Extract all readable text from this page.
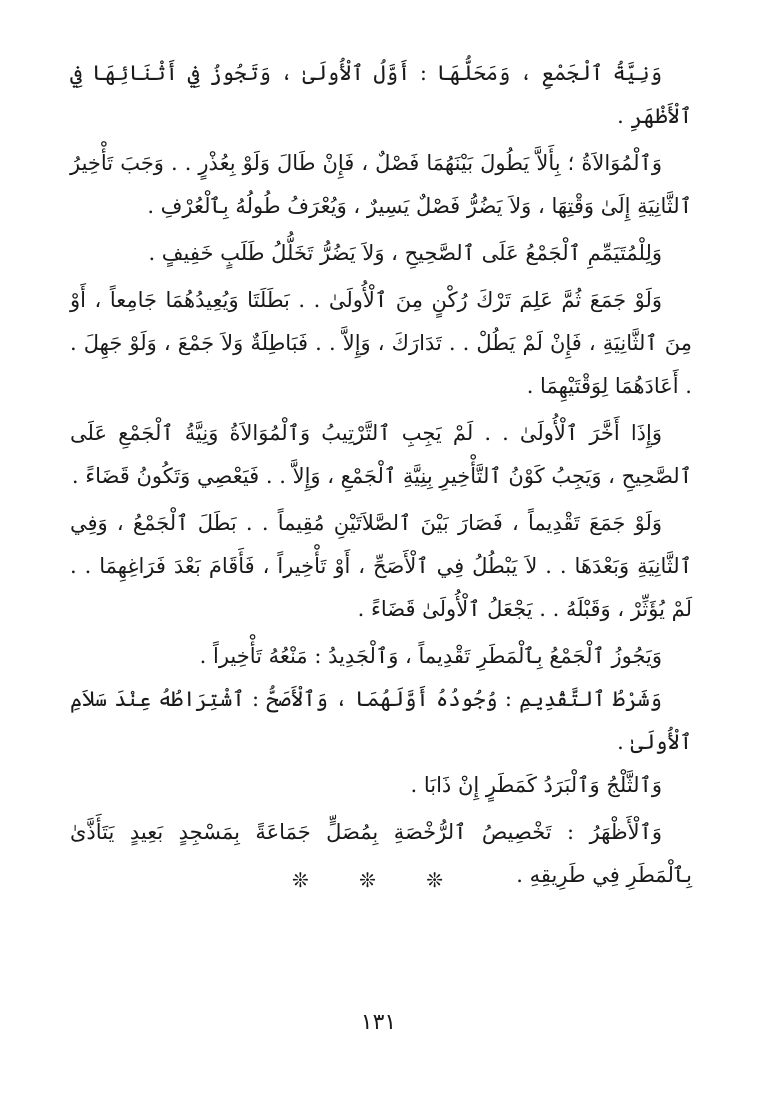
وَنِيَّةُ ٱلْجَمْعِ ، وَمَحَلُّهَا : أَوَّلُ ٱلْأُولَىٰ ، وَتَجُوزُ فِي أَثْنَائِهَا فِي ٱلْأَظْهَرِ .

وَٱلْمُوَالاَةُ ؛ بِأَلاَّ يَطُولَ بَيْنَهُمَا فَصْلٌ ، فَإِنْ طَالَ وَلَوْ بِعُذْرٍ . . وَجَبَ تَأْخِيرُ ٱلثَّانِيَةِ إِلَىٰ وَقْتِهَا ، وَلاَ يَضُرُّ فَصْلٌ يَسِيرٌ ، وَيُعْرَفُ طُولُهُ بِٱلْعُرْفِ .

وَلِلْمُتَيَمِّمِ ٱلْجَمْعُ عَلَى ٱلصَّحِيحِ ، وَلاَ يَضُرُّ تَخَلُّلُ طَلَبٍ خَفِيفٍ .

وَلَوْ جَمَعَ ثُمَّ عَلِمَ تَرْكَ رُكْنٍ مِنَ ٱلْأُولَىٰ . . بَطَلَتَا وَيُعِيدُهُمَا جَامِعاً ، أَوْ مِنَ ٱلثَّانِيَةِ ، فَإِنْ لَمْ يَطُلْ . . تَدَارَكَ ، وَإِلاَّ . . فَبَاطِلَةٌ وَلاَ جَمْعَ ، وَلَوْ جَهِلَ . . أَعَادَهُمَا لِوَقْتَيْهِمَا .

وَإِذَا أَخَّرَ ٱلْأُولَىٰ . . لَمْ يَجِبِ ٱلتَّرْتِيبُ وَٱلْمُوَالاَةُ وَنِيَّةُ ٱلْجَمْعِ عَلَى ٱلصَّحِيحِ ، وَيَجِبُ كَوْنُ ٱلتَّأْخِيرِ بِنِيَّةِ ٱلْجَمْعِ ، وَإِلاَّ . . فَيَعْصِي وَتَكُونُ قَضَاءً .

وَلَوْ جَمَعَ تَقْدِيماً ، فَصَارَ بَيْنَ ٱلصَّلاَتَيْنِ مُقِيماً . . بَطَلَ ٱلْجَمْعُ ، وَفِي ٱلثَّانِيَةِ وَبَعْدَهَا . . لاَ يَبْطُلُ فِي ٱلْأَصَحِّ ، أَوْ تَأْخِيراً ، فَأَقَامَ بَعْدَ فَرَاغِهِمَا . . لَمْ يُؤَثِّرْ ، وَقَبْلَهُ . . يَجْعَلُ ٱلْأُولَىٰ قَضَاءً .

وَيَجُوزُ ٱلْجَمْعُ بِٱلْمَطَرِ تَقْدِيماً ، وَٱلْجَدِيدُ : مَنْعُهُ تَأْخِيراً .

وَشَرْطُ ٱلتَّقْدِيمِ : وُجُودُهُ أَوَّلَهُمَا ، وَٱلْأَصَحُّ : ٱشْتِرَاطُهُ عِنْدَ سَلاَمِ ٱلْأُولَىٰ .

وَٱلثَّلْجُ وَٱلْبَرَدُ كَمَطَرٍ إِنْ ذَابَا .

وَٱلْأَظْهَرُ : تَخْصِيصُ ٱلرُّخْصَةِ بِمُصَلٍّ جَمَاعَةً بِمَسْجِدٍ بَعِيدٍ يَتَأَذَّىٰ بِٱلْمَطَرِ فِي طَرِيقِهِ .

❊ ❊ ❊
١٣١
